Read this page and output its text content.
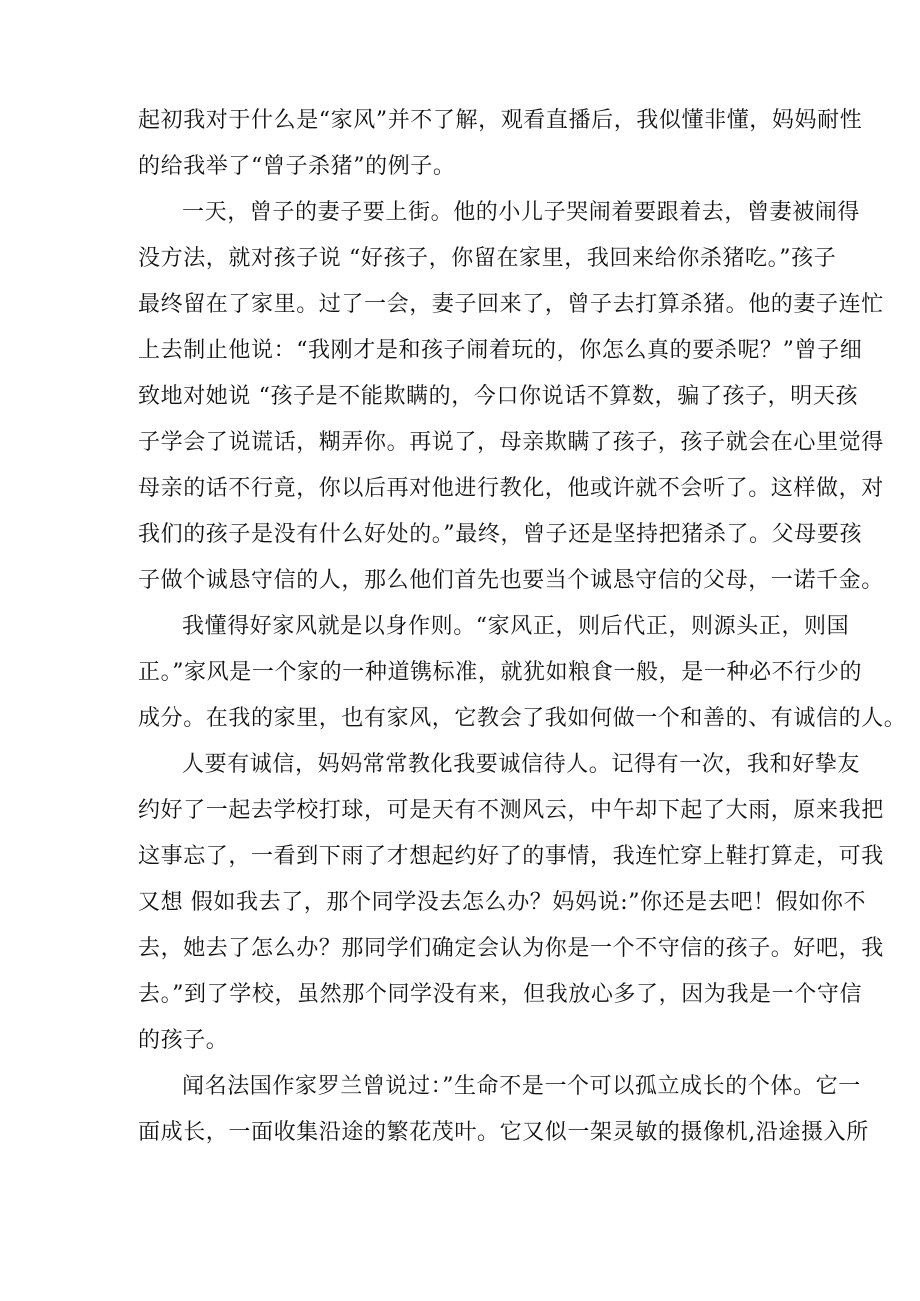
起初我对于什么是“家风”并不了解，观看直播后，我似懂非懂，妈妈耐性
的给我举了“曾子杀猪”的例子。

一天，曾子的妻子要上街。他的小儿子哭闹着要跟着去，曾妻被闹得
没方法，就对孩子说 “好孩子，你留在家里，我回来给你杀猪吃。”孩子
最终留在了家里。过了一会，妻子回来了，曾子去打算杀猪。他的妻子连忙
上去制止他说：“我刚才是和孩子闹着玩的，你怎么真的要杀呢？”曾子细
致地对她说 “孩子是不能欺瞒的，今口你说话不算数，骗了孩子，明天孩
子学会了说谎话，糊弄你。再说了，母亲欺瞒了孩子，孩子就会在心里觉得
母亲的话不行竟，你以后再对他进行教化，他或许就不会听了。这样做，对
我们的孩子是没有什么好处的。”最终，曾子还是坚持把猪杀了。父母要孩
子做个诚恳守信的人，那么他们首先也要当个诚恳守信的父母，一诺千金。

我懂得好家风就是以身作则。“家风正，则后代正，则源头正，则国
正。”家风是一个家的一种道镌标准，就犹如粮食一般，是一种必不行少的
成分。在我的家里，也有家风，它教会了我如何做一个和善的、有诚信的人。

人要有诚信，妈妈常常教化我要诚信待人。记得有一次，我和好挚友
约好了一起去学校打球，可是天有不测风云，中午却下起了大雨，原来我把
这事忘了，一看到下雨了才想起约好了的事情，我连忙穿上鞋打算走，可我
又想 假如我去了，那个同学没去怎么办？妈妈说:”你还是去吧！假如你不
去，她去了怎么办？那同学们确定会认为你是一个不守信的孩子。好吧，我
去。”到了学校，虽然那个同学没有来，但我放心多了，因为我是一个守信
的孩子。

闻名法国作家罗兰曾说过：”生命不是一个可以孤立成长的个体。它一
面成长，一面收集沿途的繁花茂叶。它又似一架灵敏的摄像机,沿途摄入所
